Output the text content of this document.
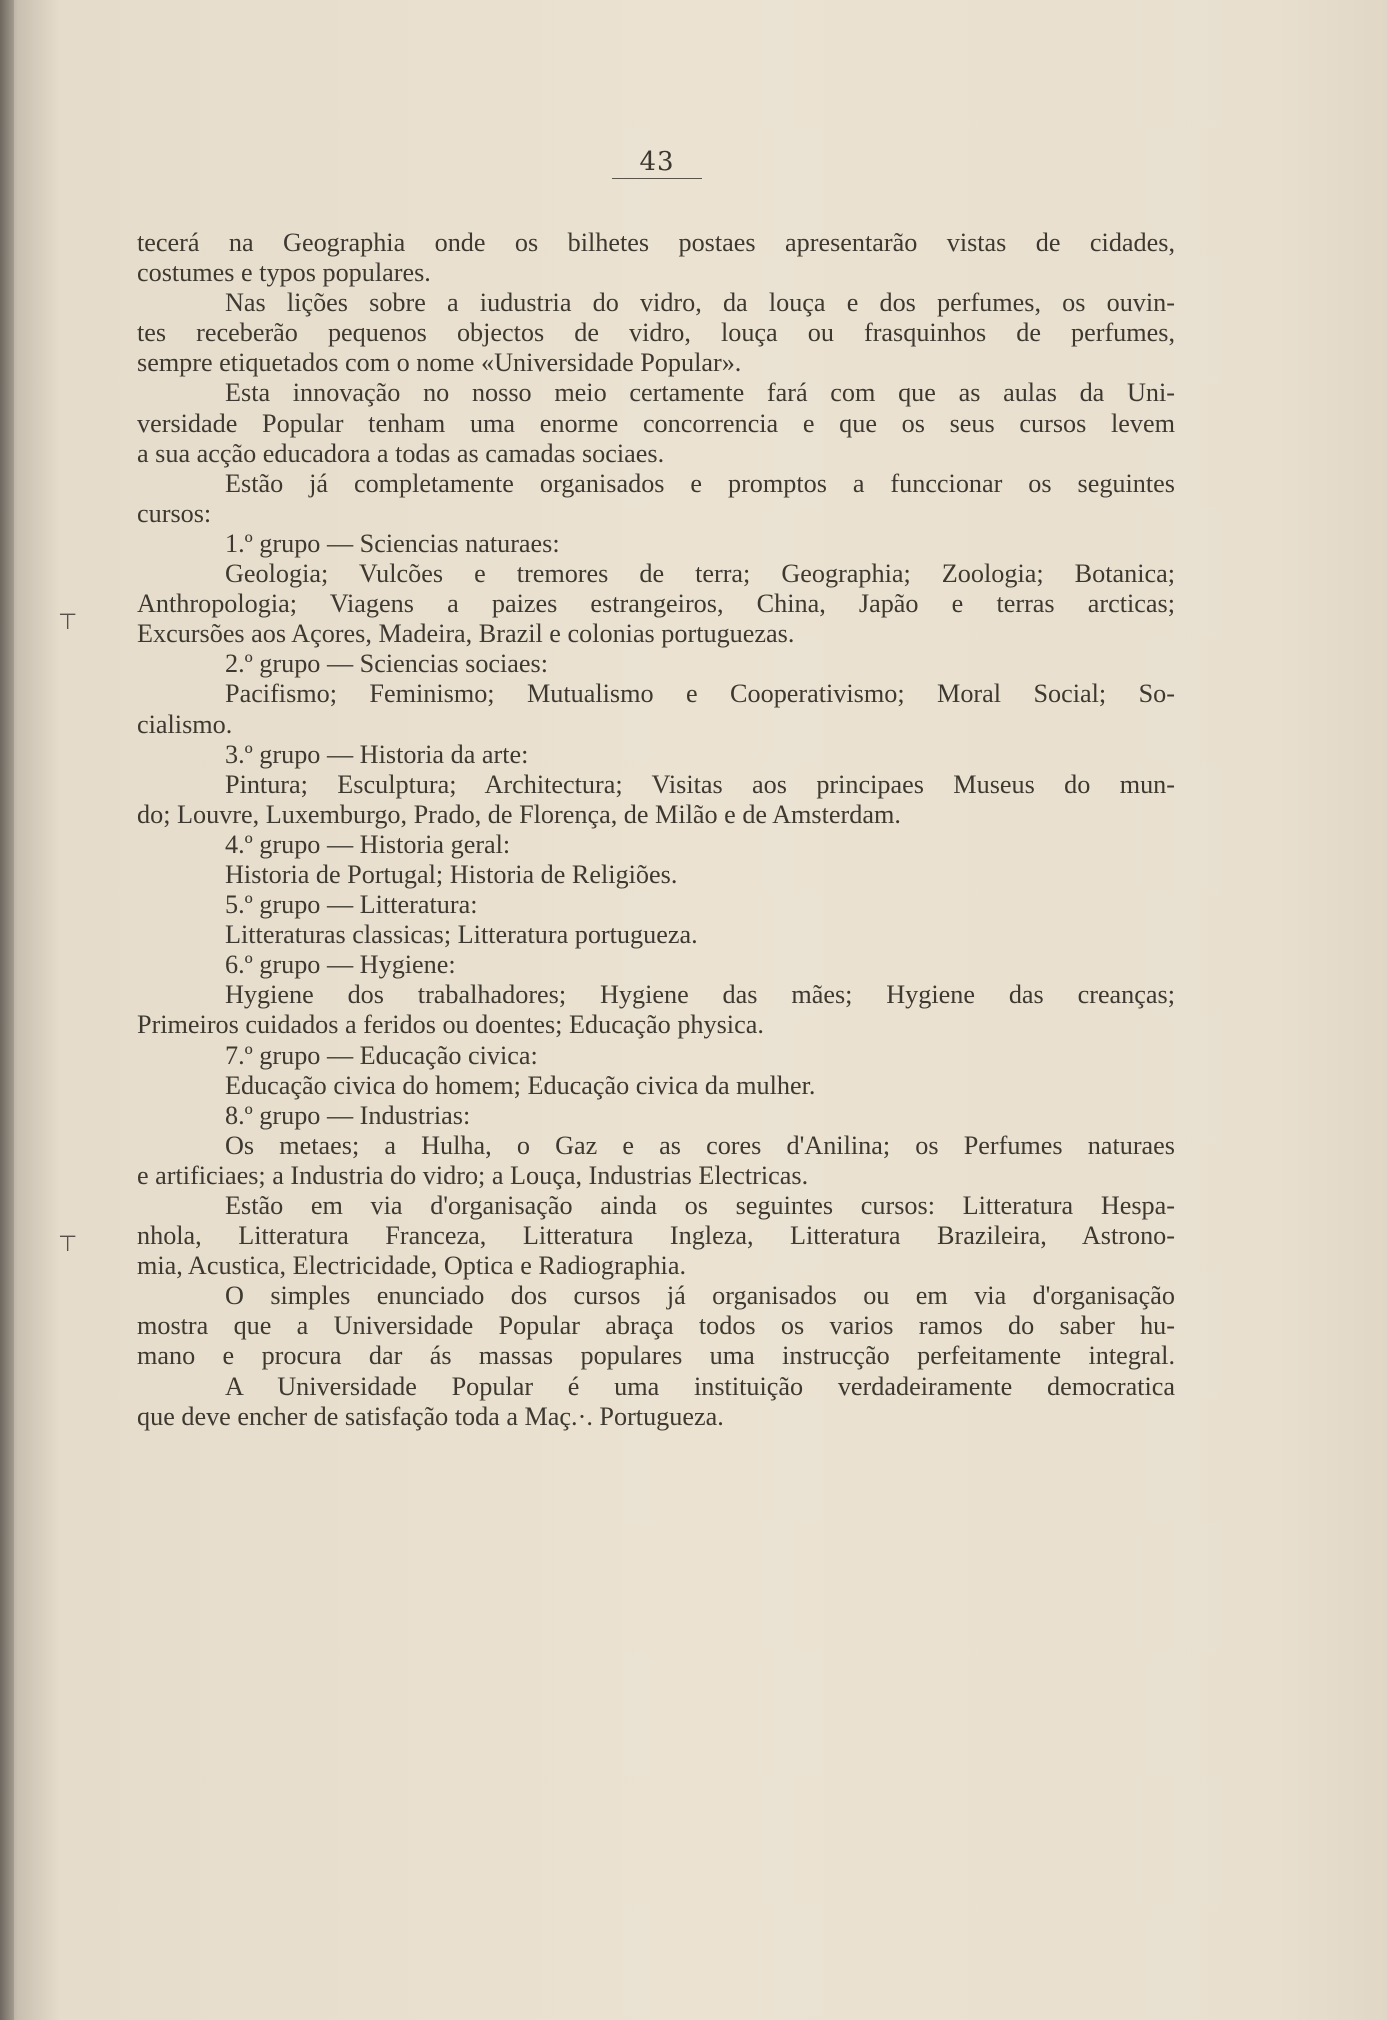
⊤
⊤
43
tecerá na Geographia onde os bilhetes postaes apresentarão vistas de cidades,
costumes e typos populares.
Nas lições sobre a iudustria do vidro, da louça e dos perfumes, os ouvin-
tes receberão pequenos objectos de vidro, louça ou frasquinhos de perfumes,
sempre etiquetados com o nome «Universidade Popular».
Esta innovação no nosso meio certamente fará com que as aulas da Uni-
versidade Popular tenham uma enorme concorrencia e que os seus cursos levem
a sua acção educadora a todas as camadas sociaes.
Estão já completamente organisados e promptos a funccionar os seguintes
cursos:
1.º grupo — Sciencias naturaes:
Geologia; Vulcões e tremores de terra; Geographia; Zoologia; Botanica;
Anthropologia; Viagens a paizes estrangeiros, China, Japão e terras arcticas;
Excursões aos Açores, Madeira, Brazil e colonias portuguezas.
2.º grupo — Sciencias sociaes:
Pacifismo; Feminismo; Mutualismo e Cooperativismo; Moral Social; So-
cialismo.
3.º grupo — Historia da arte:
Pintura; Esculptura; Architectura; Visitas aos principaes Museus do mun-
do; Louvre, Luxemburgo, Prado, de Florença, de Milão e de Amsterdam.
4.º grupo — Historia geral:
Historia de Portugal; Historia de Religiões.
5.º grupo — Litteratura:
Litteraturas classicas; Litteratura portugueza.
6.º grupo — Hygiene:
Hygiene dos trabalhadores; Hygiene das mães; Hygiene das creanças;
Primeiros cuidados a feridos ou doentes; Educação physica.
7.º grupo — Educação civica:
Educação civica do homem; Educação civica da mulher.
8.º grupo — Industrias:
Os metaes; a Hulha, o Gaz e as cores d'Anilina; os Perfumes naturaes
e artificiaes; a Industria do vidro; a Louça, Industrias Electricas.
Estão em via d'organisação ainda os seguintes cursos: Litteratura Hespa-
nhola, Litteratura Franceza, Litteratura Ingleza, Litteratura Brazileira, Astrono-
mia, Acustica, Electricidade, Optica e Radiographia.
O simples enunciado dos cursos já organisados ou em via d'organisação
mostra que a Universidade Popular abraça todos os varios ramos do saber hu-
mano e procura dar ás massas populares uma instrucção perfeitamente integral.
A Universidade Popular é uma instituição verdadeiramente democratica
que deve encher de satisfação toda a Maç.·. Portugueza.
